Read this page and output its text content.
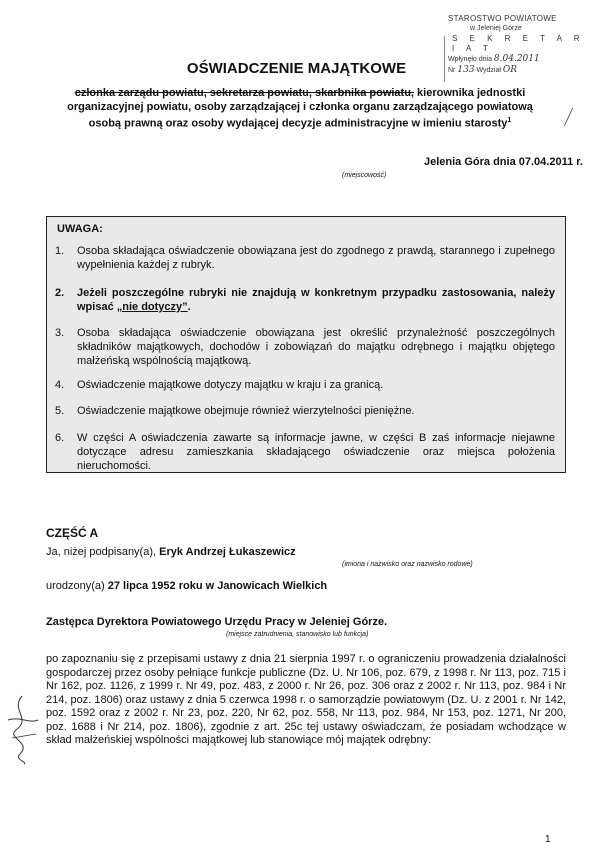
STAROSTWO POWIATOWE
w Jeleniej Górze
S E K R E T A R I A T
Wpłynęło dnia 8.04.2011
Nr 133 Wydział OR
OŚWIADCZENIE MAJĄTKOWE
członka zarządu powiatu, sekretarza powiatu, skarbnika powiatu, kierownika jednostki organizacyjnej powiatu, osoby zarządzającej i członka organu zarządzającego powiatową osobą prawną oraz osoby wydającej decyzje administracyjne w imieniu starosty$^1$
Jelenia Góra dnia 07.04.2011 r.
(miejscowość)
UWAGA:
1. Osoba składająca oświadczenie obowiązana jest do zgodnego z prawdą, starannego i zupełnego wypełnienia każdej z rubryk.
2. Jeżeli poszczególne rubryki nie znajdują w konkretnym przypadku zastosowania, należy wpisać „nie dotyczy”.
3. Osoba składająca oświadczenie obowiązana jest określić przynależność poszczególnych składników majątkowych, dochodów i zobowiązań do majątku odrębnego i majątku objętego małżeńską wspólnością majątkową.
4. Oświadczenie majątkowe dotyczy majątku w kraju i za granicą.
5. Oświadczenie majątkowe obejmuje również wierzytelności pieniężne.
6. W części A oświadczenia zawarte są informacje jawne, w części B zaś informacje niejawne dotyczące adresu zamieszkania składającego oświadczenie oraz miejsca położenia nieruchomości.
CZĘŚĆ A
Ja, niżej podpisany(a), Eryk Andrzej Łukaszewicz
(imiona i nazwisko oraz nazwisko rodowe)
urodzony(a) 27 lipca 1952 roku w Janowicach Wielkich
Zastępca Dyrektora Powiatowego Urzędu Pracy w Jeleniej Górze.
(miejsce zatrudnienia, stanowisko lub funkcja)
po zapoznaniu się z przepisami ustawy z dnia 21 sierpnia 1997 r. o ograniczeniu prowadzenia działalności gospodarczej przez osoby pełniące funkcje publiczne (Dz. U. Nr 106, poz. 679, z 1998 r. Nr 113, poz. 715 i Nr 162, poz. 1126, z 1999 r. Nr 49, poz. 483, z 2000 r. Nr 26, poz. 306 oraz z 2002 r. Nr 113, poz. 984 i Nr 214, poz. 1806) oraz ustawy z dnia 5 czerwca 1998 r. o samorządzie powiatowym (Dz. U. z 2001 r. Nr 142, poz. 1592 oraz z 2002 r. Nr 23, poz. 220, Nr 62, poz. 558, Nr 113, poz. 984, Nr 153, poz. 1271, Nr 200, poz. 1688 i Nr 214, poz. 1806), zgodnie z art. 25c tej ustawy oświadczam, że posiadam wchodzące w skład małżeńskiej wspólności majątkowej lub stanowiące mój majątek odrębny:
1
